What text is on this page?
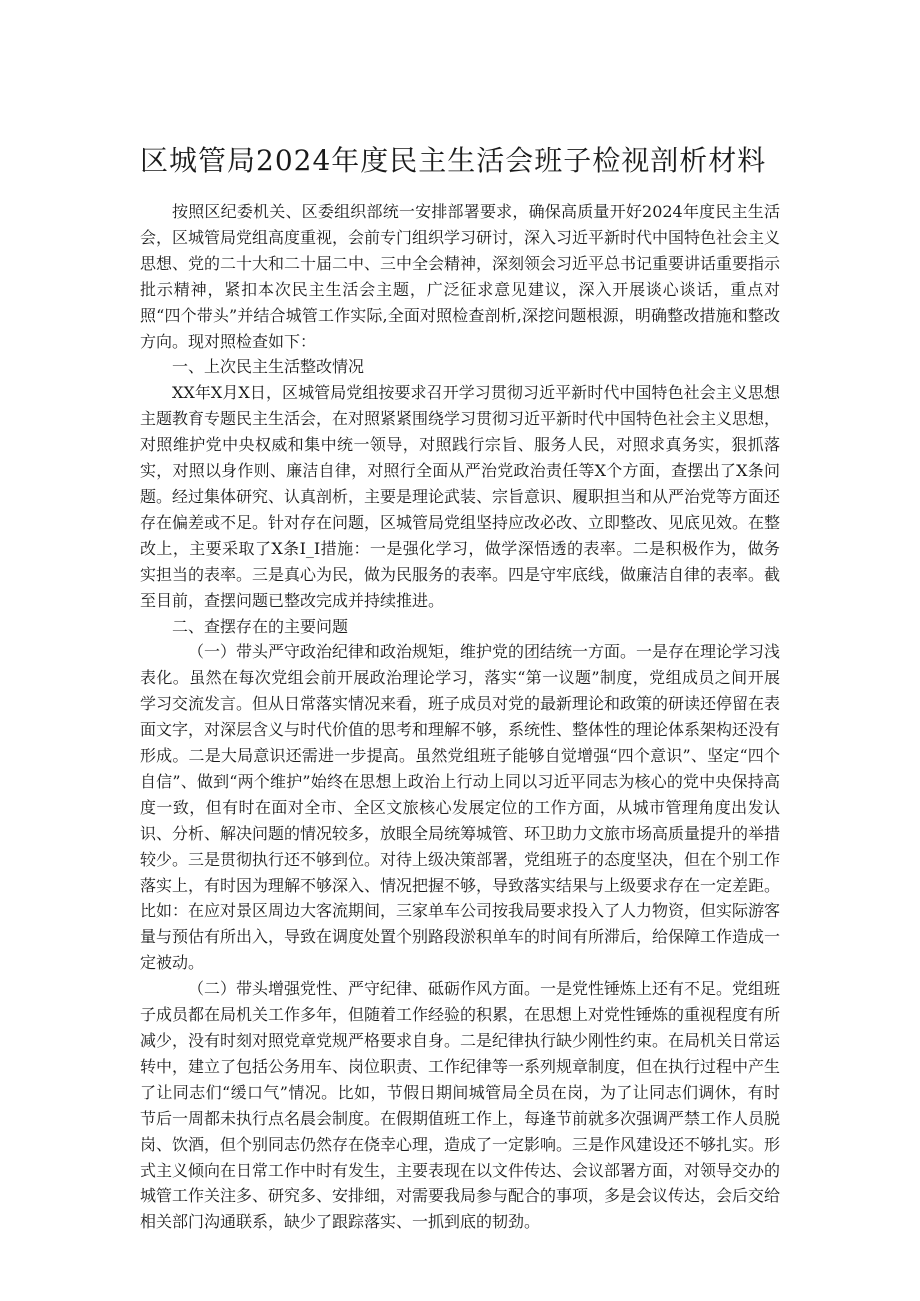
区城管局2024年度民主生活会班子检视剖析材料

按照区纪委机关、区委组织部统一安排部署要求，确保高质量开好2024年度民主生活会，区城管局党组高度重视，会前专门组织学习研讨，深入习近平新时代中国特色社会主义思想、党的二十大和二十届二中、三中全会精神，深刻领会习近平总书记重要讲话重要指示批示精神，紧扣本次民主生活会主题，广泛征求意见建议，深入开展谈心谈话，重点对照“四个带头”并结合城管工作实际,全面对照检查剖析,深挖问题根源，明确整改措施和整改方向。现对照检查如下：

一、上次民主生活整改情况

XX年X月X日，区城管局党组按要求召开学习贯彻习近平新时代中国特色社会主义思想主题教育专题民主生活会，在对照紧紧围绕学习贯彻习近平新时代中国特色社会主义思想，对照维护党中央权威和集中统一领导，对照践行宗旨、服务人民，对照求真务实，狠抓落实，对照以身作则、廉洁自律，对照行全面从严治党政治责任等X个方面，查摆出了X条问题。经过集体研究、认真剖析，主要是理论武装、宗旨意识、履职担当和从严治党等方面还存在偏差或不足。针对存在问题，区城管局党组坚持应改必改、立即整改、见底见效。在整改上，主要采取了X条I_I措施：一是强化学习，做学深悟透的表率。二是积极作为，做务实担当的表率。三是真心为民，做为民服务的表率。四是守牢底线，做廉洁自律的表率。截至目前，查摆问题已整改完成并持续推进。

二、查摆存在的主要问题

（一）带头严守政治纪律和政治规矩，维护党的团结统一方面。一是存在理论学习浅表化。虽然在每次党组会前开展政治理论学习，落实“第一议题”制度，党组成员之间开展学习交流发言。但从日常落实情况来看，班子成员对党的最新理论和政策的研读还停留在表面文字，对深层含义与时代价值的思考和理解不够，系统性、整体性的理论体系架构还没有形成。二是大局意识还需进一步提高。虽然党组班子能够自觉增强“四个意识”、坚定“四个自信”、做到“两个维护”始终在思想上政治上行动上同以习近平同志为核心的党中央保持高度一致，但有时在面对全市、全区文旅核心发展定位的工作方面，从城市管理角度出发认识、分析、解决问题的情况较多，放眼全局统筹城管、环卫助力文旅市场高质量提升的举措较少。三是贯彻执行还不够到位。对待上级决策部署，党组班子的态度坚决，但在个别工作落实上，有时因为理解不够深入、情况把握不够，导致落实结果与上级要求存在一定差距。比如：在应对景区周边大客流期间，三家单车公司按我局要求投入了人力物资，但实际游客量与预估有所出入，导致在调度处置个别路段淤积单车的时间有所滞后，给保障工作造成一定被动。

（二）带头增强党性、严守纪律、砥砺作风方面。一是党性锤炼上还有不足。党组班子成员都在局机关工作多年，但随着工作经验的积累，在思想上对党性锤炼的重视程度有所减少，没有时刻对照党章党规严格要求自身。二是纪律执行缺少刚性约束。在局机关日常运转中，建立了包括公务用车、岗位职责、工作纪律等一系列规章制度，但在执行过程中产生了让同志们“缓口气”情况。比如，节假日期间城管局全员在岗，为了让同志们调休，有时节后一周都未执行点名晨会制度。在假期值班工作上，每逢节前就多次强调严禁工作人员脱岗、饮酒，但个别同志仍然存在侥幸心理，造成了一定影响。三是作风建设还不够扎实。形式主义倾向在日常工作中时有发生，主要表现在以文件传达、会议部署方面，对领导交办的城管工作关注多、研究多、安排细，对需要我局参与配合的事项，多是会议传达，会后交给相关部门沟通联系，缺少了跟踪落实、一抓到底的韧劲。
